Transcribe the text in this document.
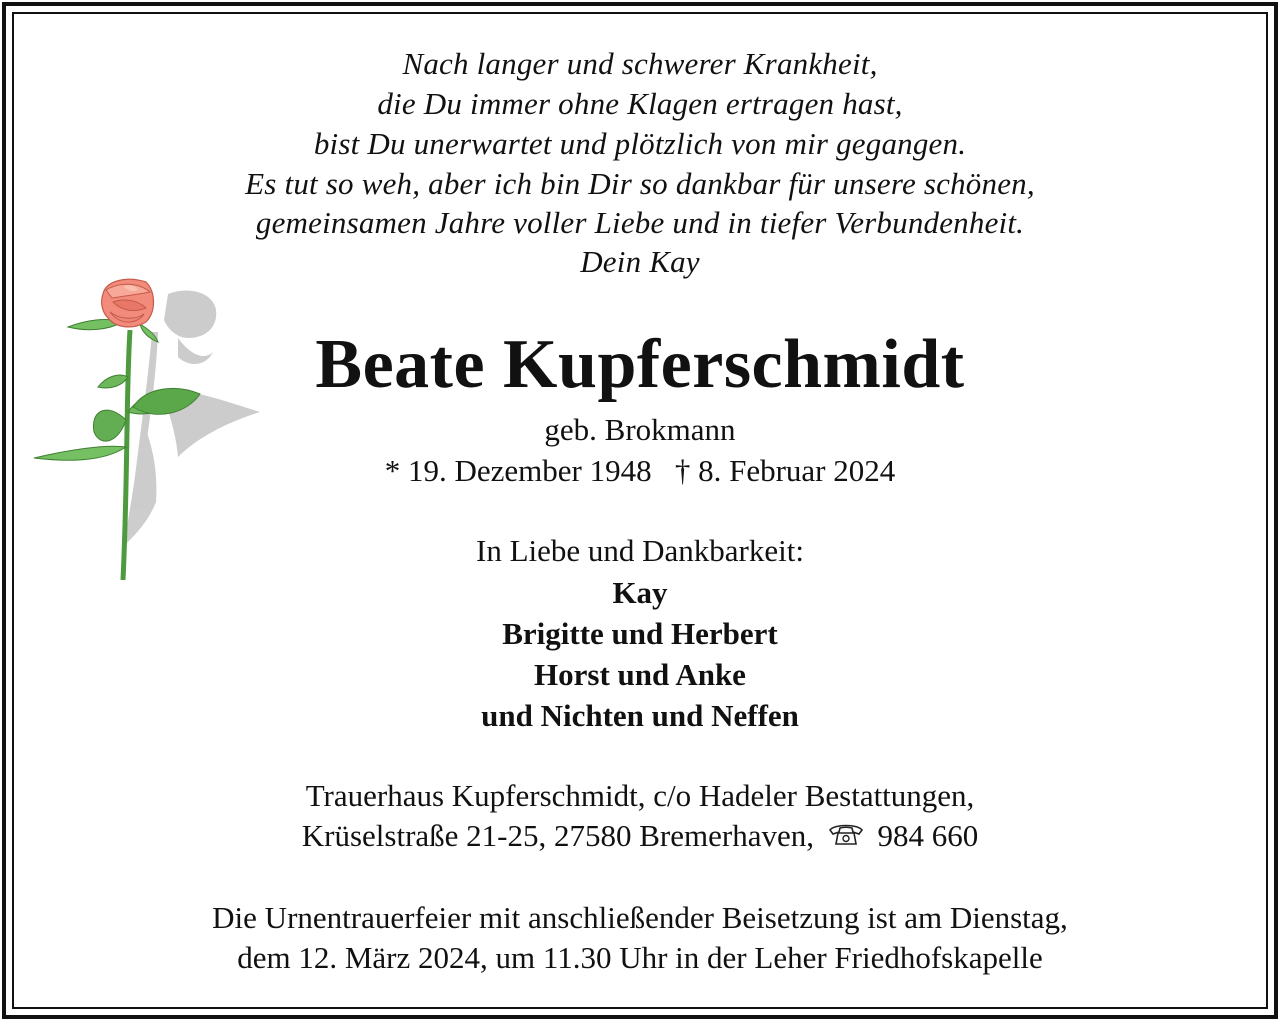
Nach langer und schwerer Krankheit,
die Du immer ohne Klagen ertragen hast,
bist Du unerwartet und plötzlich von mir gegangen.
Es tut so weh, aber ich bin Dir so dankbar für unsere schönen,
gemeinsamen Jahre voller Liebe und in tiefer Verbundenheit.
Dein Kay
Beate Kupferschmidt
geb. Brokmann
* 19. Dezember 1948   † 8. Februar 2024
In Liebe und Dankbarkeit:
Kay
Brigitte und Herbert
Horst und Anke
und Nichten und Neffen
Trauerhaus Kupferschmidt, c/o Hadeler Bestattungen,
Krüselstraße 21-25, 27580 Bremerhaven, 984 660
Die Urnentrauerfeier mit anschließender Beisetzung ist am Dienstag,
dem 12. März 2024, um 11.30 Uhr in der Leher Friedhofskapelle
